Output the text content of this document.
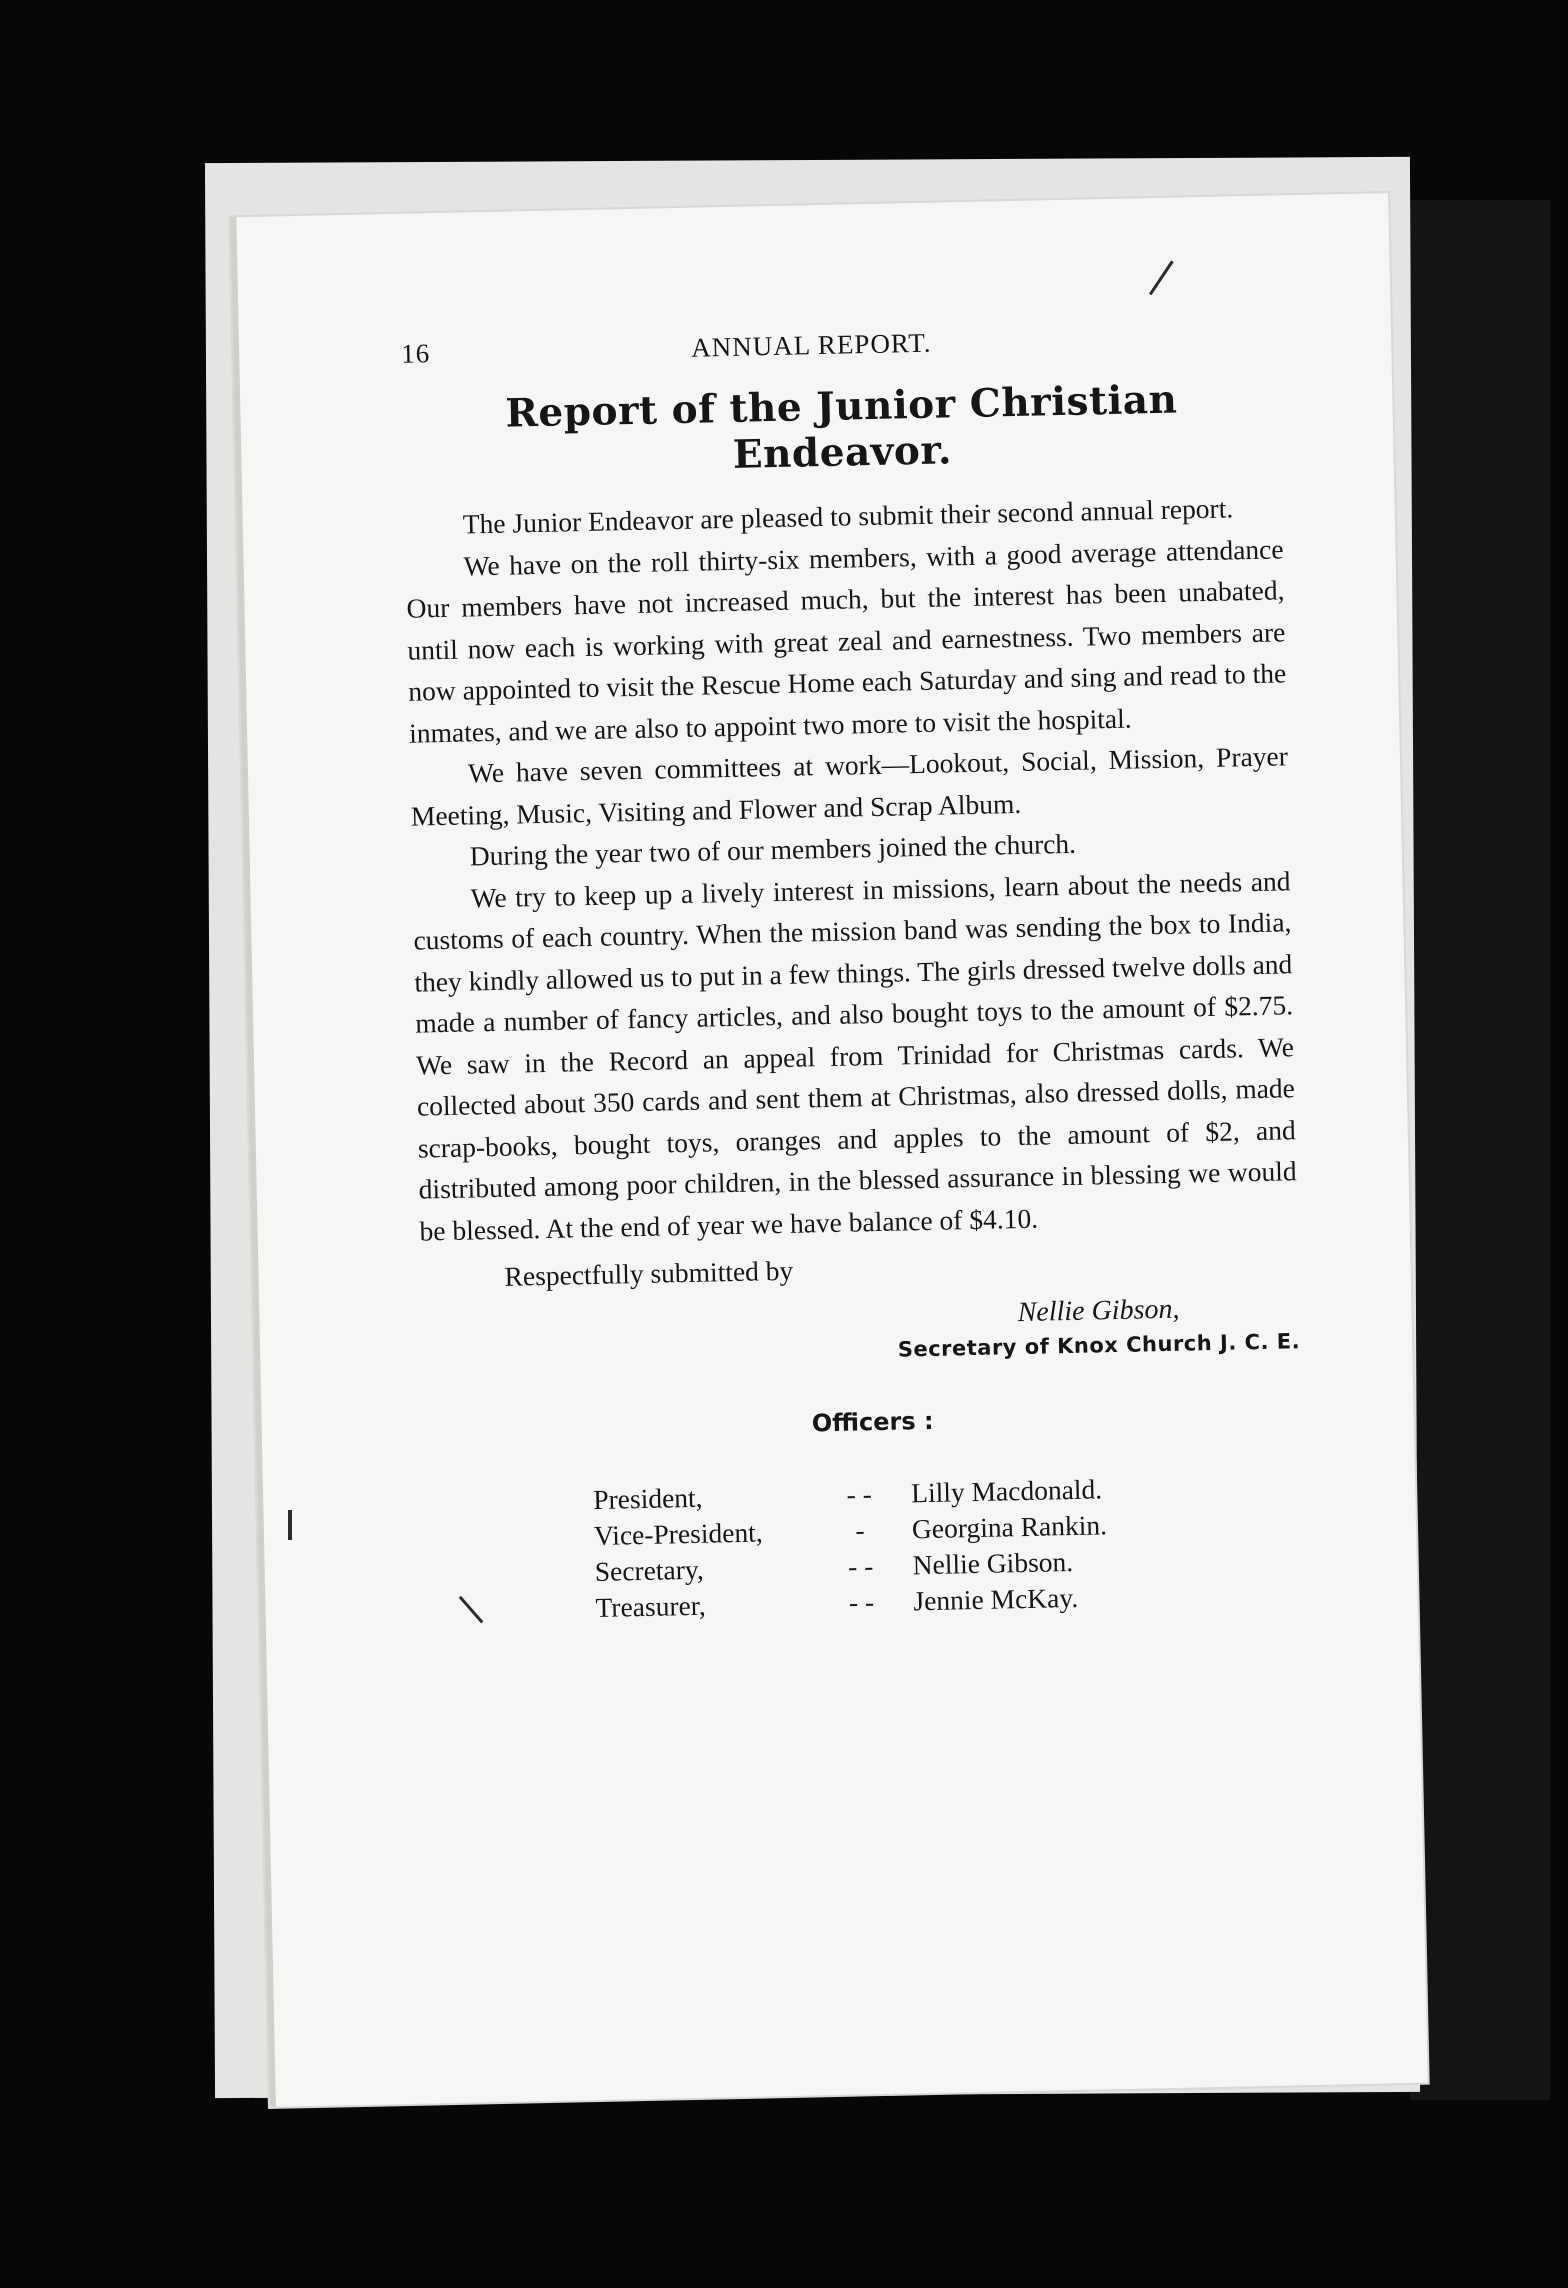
16	ANNUAL REPORT.
Report of the Junior Christian Endeavor.

The Junior Endeavor are pleased to submit their second annual report.

We have on the roll thirty-six members, with a good average attendance Our members have not increased much, but the interest has been unabated, until now each is working with great zeal and earnestness. Two members are now appointed to visit the Rescue Home each Saturday and sing and read to the inmates, and we are also to appoint two more to visit the hospital.

We have seven committees at work—Lookout, Social, Mission, Prayer Meeting, Music, Visiting and Flower and Scrap Album.

During the year two of our members joined the church.

We try to keep up a lively interest in missions, learn about the needs and customs of each country. When the mission band was sending the box to India, they kindly allowed us to put in a few things. The girls dressed twelve dolls and made a number of fancy articles, and also bought toys to the amount of $2.75. We saw in the Record an appeal from Trinidad for Christmas cards. We collected about 350 cards and sent them at Christmas, also dressed dolls, made scrap-books, bought toys, oranges and apples to the amount of $2, and distributed among poor children, in the blessed assurance in blessing we would be blessed. At the end of year we have balance of $4.10.

Respectfully submitted by

Nellie Gibson,
Secretary of Knox Church J. C. E.
Officers :
President,	- -	Lilly Macdonald.
Vice-President,	-	Georgina Rankin.
Secretary,	- -	Nellie Gibson.
Treasurer,	- -	Jennie McKay.
